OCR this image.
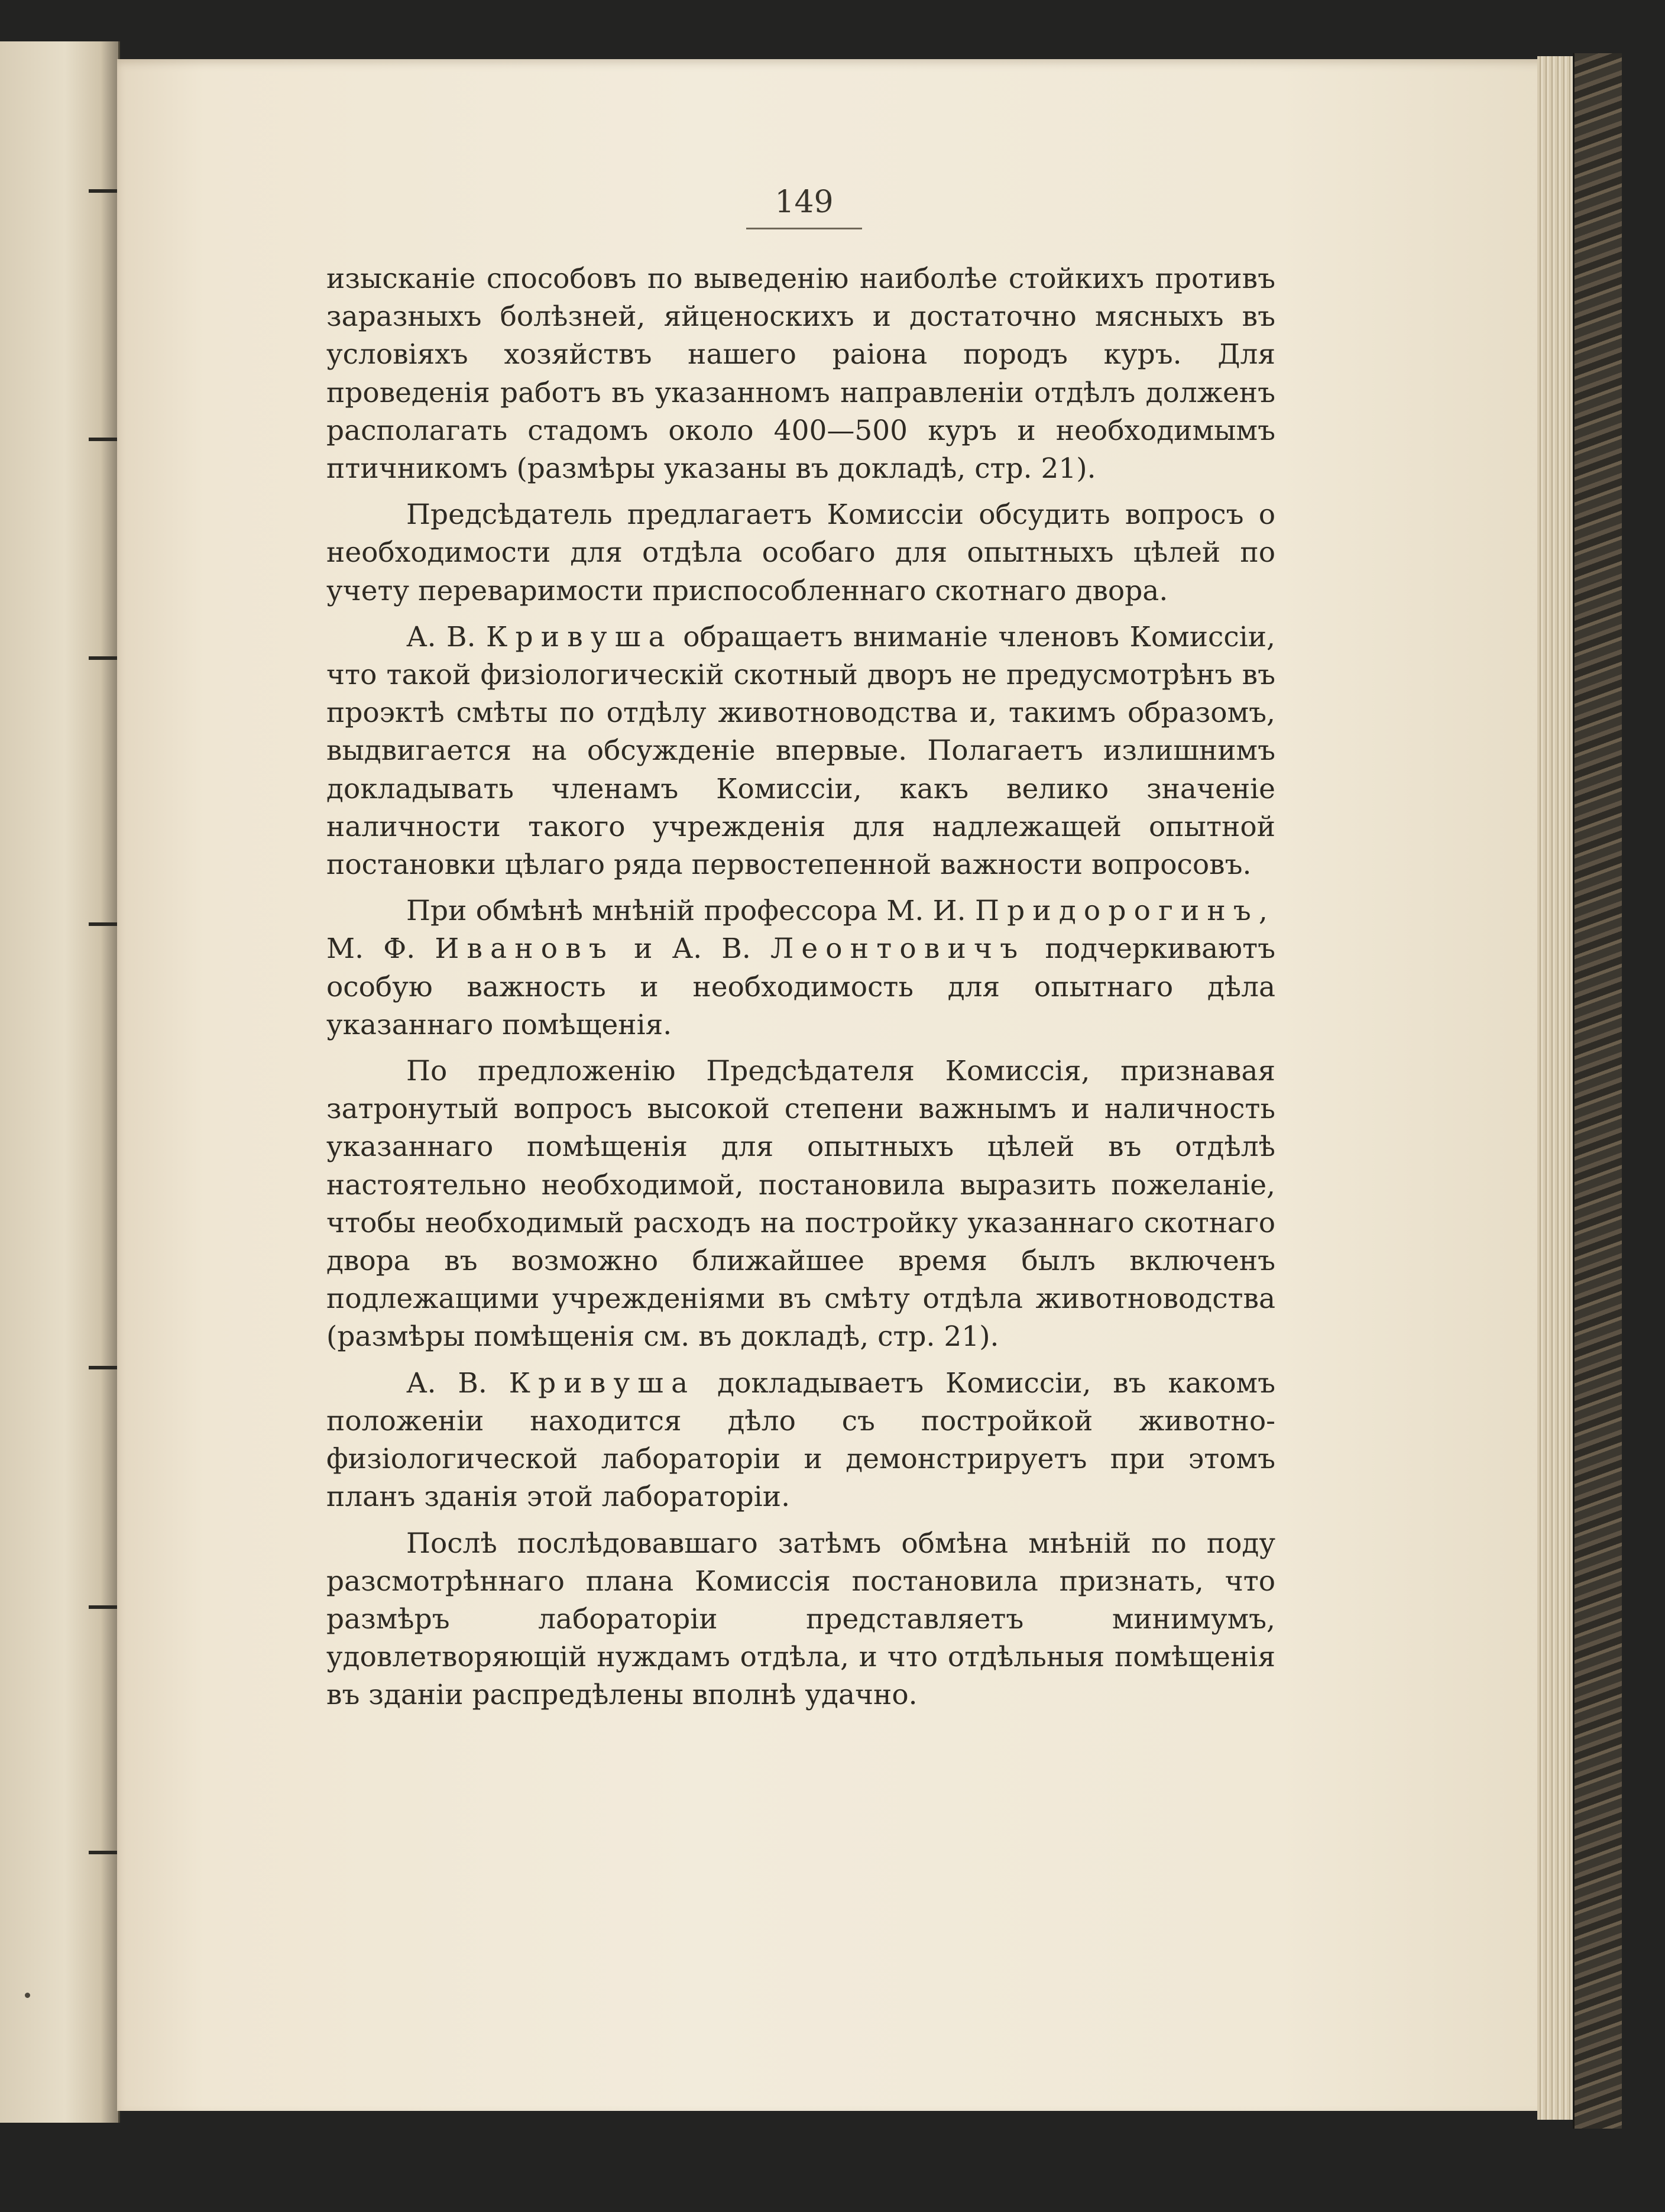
149

изысканіе способовъ по выведенію наиболѣе стойкихъ противъ заразныхъ болѣзней, яйценоскихъ и достаточно мясныхъ въ условіяхъ хозяйствъ нашего раіона породъ куръ. Для проведенія работъ въ указанномъ направленіи отдѣлъ долженъ располагать стадомъ около 400—500 куръ и необходимымъ птичникомъ (размѣры указаны въ докладѣ, стр. 21).

Предсѣдатель предлагаетъ Комиссіи обсудить вопросъ о необходимости для отдѣла особаго для опытныхъ цѣлей по учету переваримости приспособленнаго скотнаго двора.

А. В. Кривуша обращаетъ вниманіе членовъ Комиссіи, что такой физіологическій скотный дворъ не предусмотрѣнъ въ проэктѣ смѣты по отдѣлу животноводства и, такимъ образомъ, выдвигается на обсужденіе впервые. Полагаетъ излишнимъ докладывать членамъ Комиссіи, какъ велико значеніе наличности такого учрежденія для надлежащей опытной постановки цѣлаго ряда первостепенной важности вопросовъ.

При обмѣнѣ мнѣній профессора М. И. Придорогинъ, М. Ф. Ивановъ и А. В. Леонтовичъ подчеркиваютъ особую важность и необходимость для опытнаго дѣла указаннаго помѣщенія.

По предложенію Предсѣдателя Комиссія, признавая затронутый вопросъ высокой степени важнымъ и наличность указаннаго помѣщенія для опытныхъ цѣлей въ отдѣлѣ настоятельно необходимой, постановила выразить пожеланіе, чтобы необходимый расходъ на постройку указаннаго скотнаго двора въ возможно ближайшее время былъ включенъ подлежащими учрежденіями въ смѣту отдѣла животноводства (размѣры помѣщенія см. въ докладѣ, стр. 21).

А. В. Кривуша докладываетъ Комиссіи, въ какомъ положеніи находится дѣло съ постройкой животно-физіологической лабораторіи и демонстрируетъ при этомъ планъ зданія этой лабораторіи.

Послѣ послѣдовавшаго затѣмъ обмѣна мнѣній по поду разсмотрѣннаго плана Комиссія постановила признать, что размѣръ лабораторіи представляетъ минимумъ, удовлетворяющій нуждамъ отдѣла, и что отдѣльныя помѣщенія въ зданіи распредѣлены вполнѣ удачно.
